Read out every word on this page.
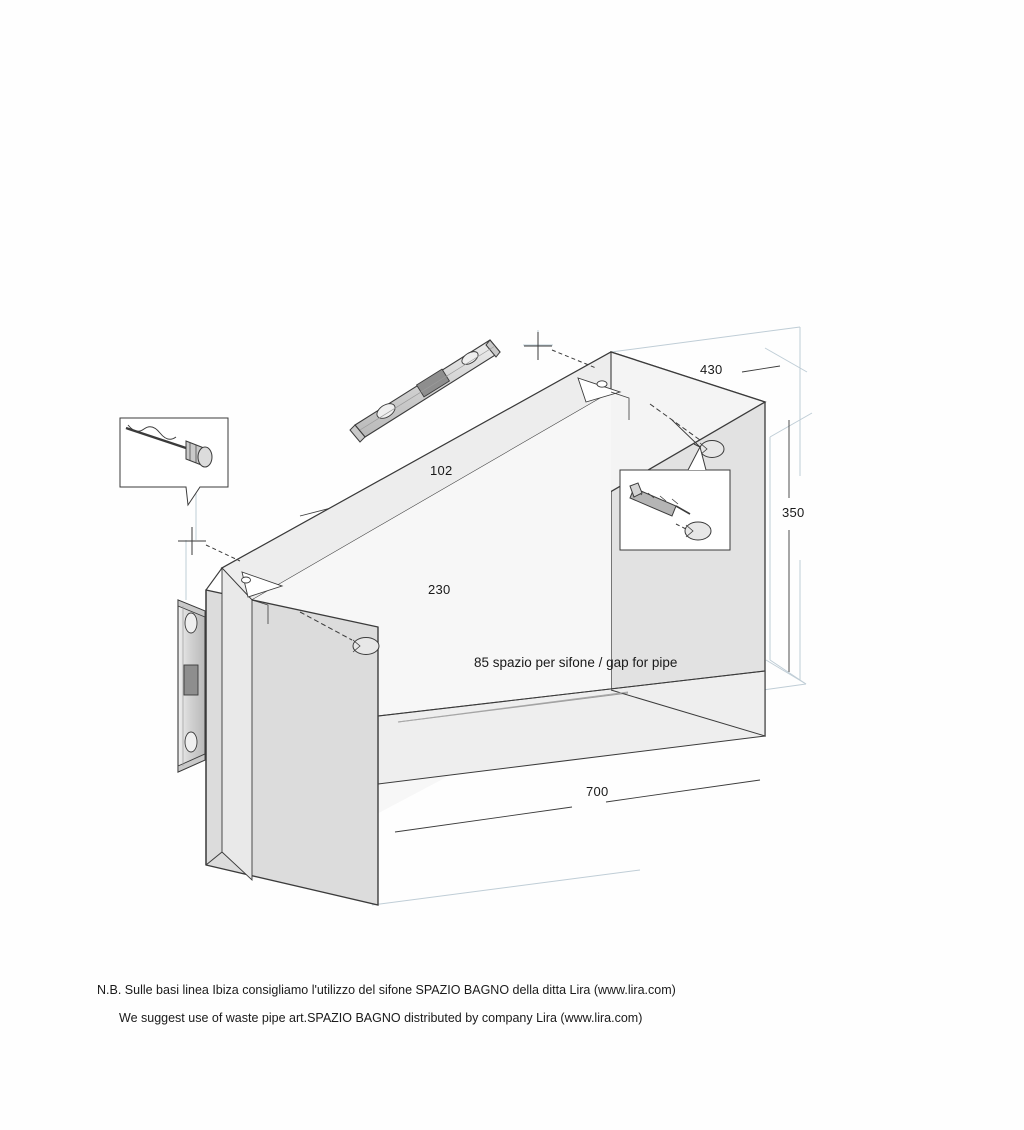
430
350
102
230
700
85 spazio per sifone / gap for pipe
N.B. Sulle basi linea Ibiza consigliamo l'utilizzo del sifone SPAZIO BAGNO della ditta Lira (www.lira.com)
We suggest use of waste pipe art.SPAZIO BAGNO distributed by company Lira (www.lira.com)
